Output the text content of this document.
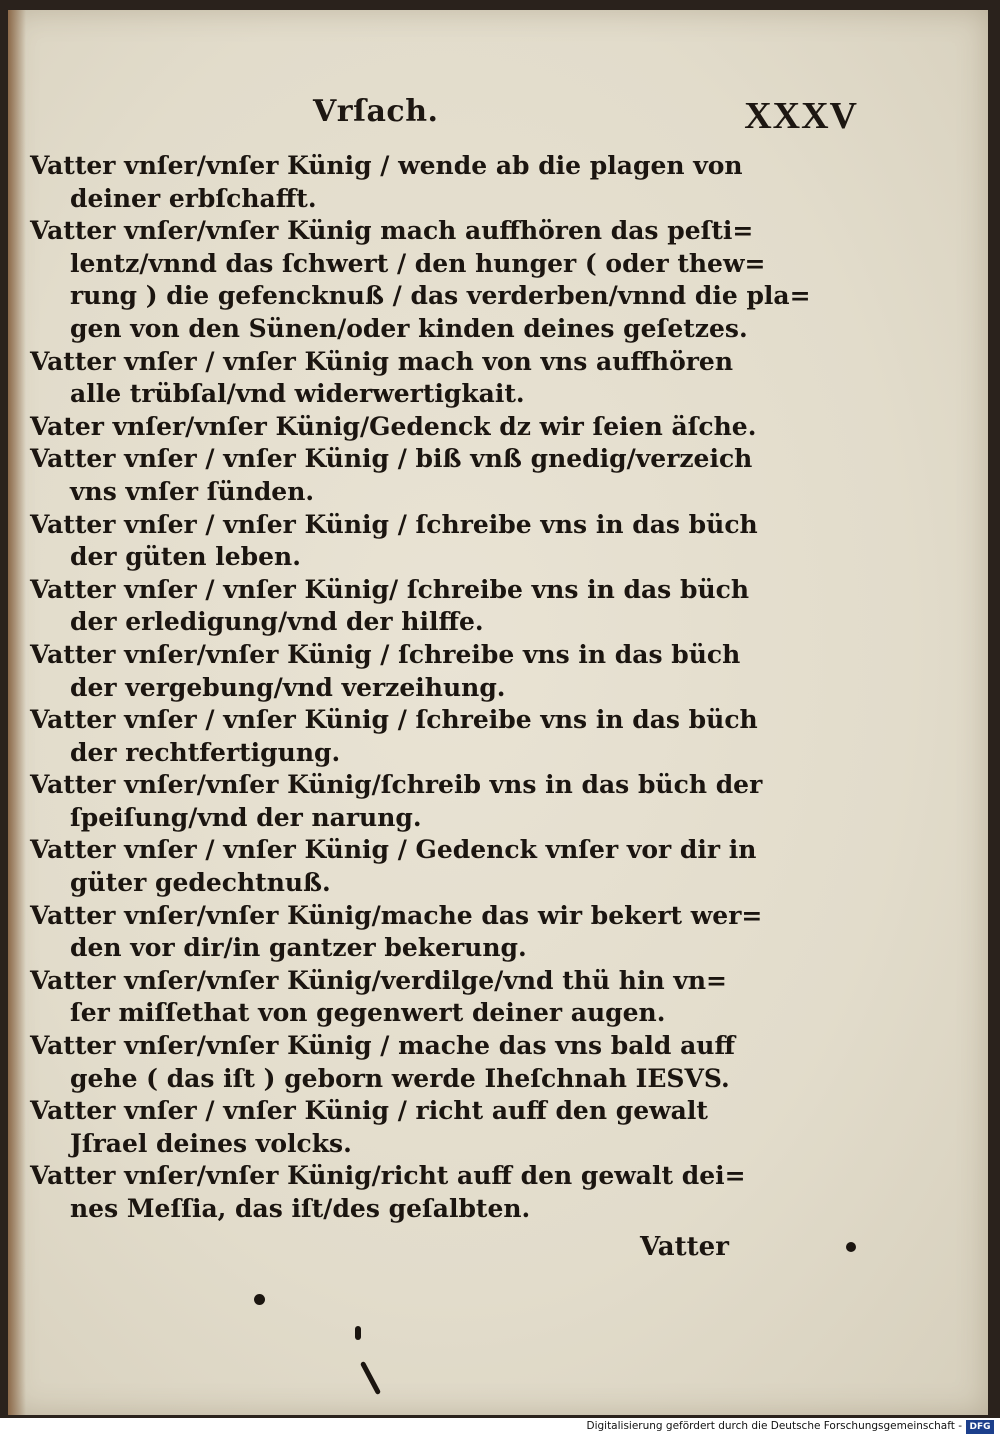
Vrſach.	XXXV
Vatter vnſer/vnſer Künig / wende ab die plagen von
deiner erbſchafft.
Vatter vnſer/vnſer Künig mach auffhören das peſti=
lentz/vnnd das ſchwert / den hunger ( oder thew=
rung ) die gefencknuß / das verderben/vnnd die pla=
gen von den Sünen/oder kinden deines geſetzes.
Vatter vnſer / vnſer Künig mach von vns auffhören
alle trübſal/vnd widerwertigkait.
Vater vnſer/vnſer Künig/Gedenck dz wir ſeien äſche.
Vatter vnſer / vnſer Künig / biß vnß gnedig/verzeich
vns vnſer ſünden.
Vatter vnſer / vnſer Künig / ſchreibe vns in das büch
der güten leben.
Vatter vnſer / vnſer Künig/ ſchreibe vns in das büch
der erledigung/vnd der hilffe.
Vatter vnſer/vnſer Künig / ſchreibe vns in das büch
der vergebung/vnd verzeihung.
Vatter vnſer / vnſer Künig / ſchreibe vns in das büch
der rechtfertigung.
Vatter vnſer/vnſer Künig/ſchreib vns in das büch der
ſpeiſung/vnd der narung.
Vatter vnſer / vnſer Künig / Gedenck vnſer vor dir in
güter gedechtnuß.
Vatter vnſer/vnſer Künig/mache das wir bekert wer=
den vor dir/in gantzer bekerung.
Vatter vnſer/vnſer Künig/verdilge/vnd thü hin vn=
ſer miſſethat von gegenwert deiner augen.
Vatter vnſer/vnſer Künig / mache das vns bald auff
gehe ( das iſt ) geborn werde Iheſchnah IESVS.
Vatter vnſer / vnſer Künig / richt auff den gewalt
Jſrael deines volcks.
Vatter vnſer/vnſer Künig/richt auff den gewalt dei=
nes Meſſia, das iſt/des geſalbten.
Vatter
Digitalisierung gefördert durch die Deutsche Forschungsgemeinschaft - DFG
